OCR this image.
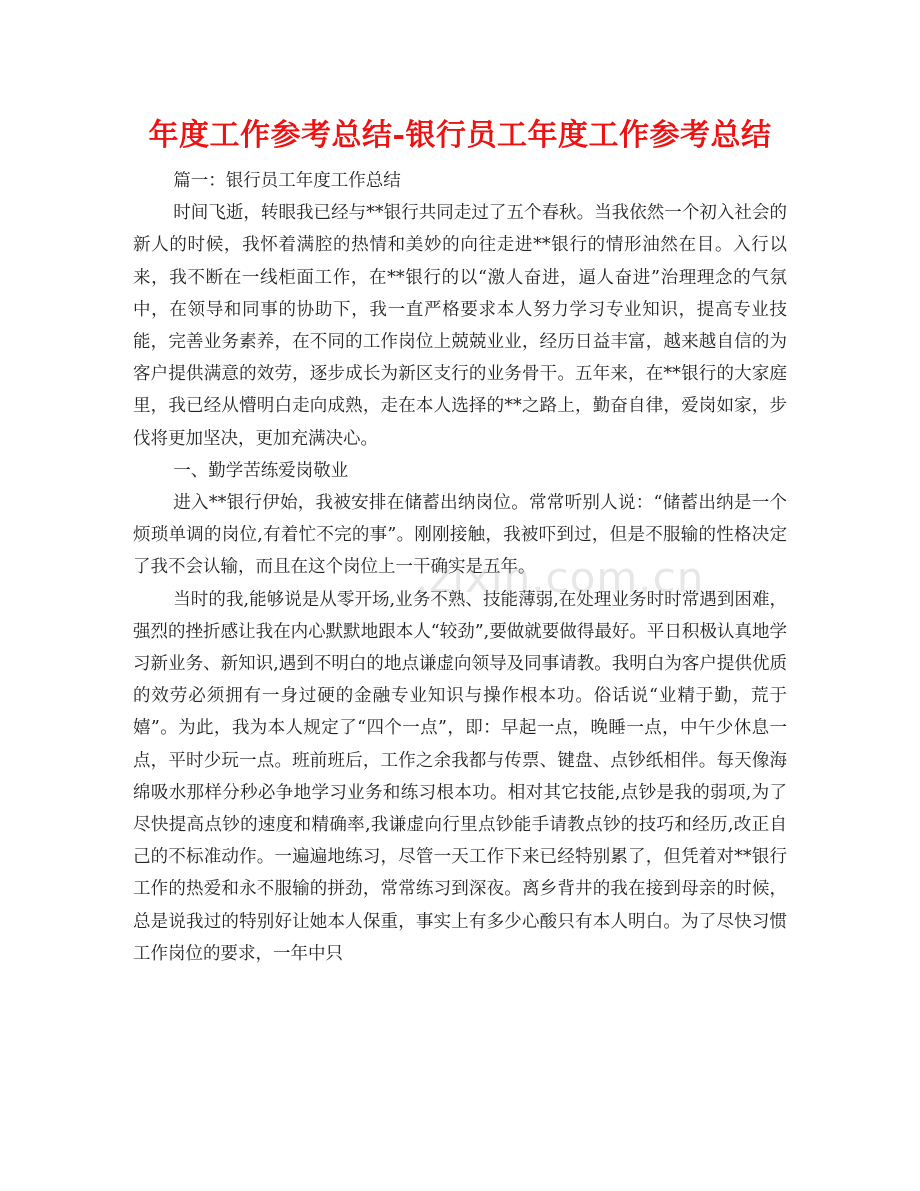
年度工作参考总结-银行员工年度工作参考总结

篇一：银行员工年度工作总结

时间飞逝，转眼我已经与**银行共同走过了五个春秋。当我依然一个初入社会的新人的时候，我怀着满腔的热情和美妙的向往走进**银行的情形油然在目。入行以来，我不断在一线柜面工作，在**银行的以“激人奋进，逼人奋进”治理理念的气氛中，在领导和同事的协助下，我一直严格要求本人努力学习专业知识，提高专业技能，完善业务素养，在不同的工作岗位上兢兢业业，经历日益丰富，越来越自信的为客户提供满意的效劳，逐步成长为新区支行的业务骨干。五年来，在**银行的大家庭里，我已经从懵明白走向成熟，走在本人选择的**之路上，勤奋自律，爱岗如家，步伐将更加坚决，更加充满决心。

一、勤学苦练爱岗敬业

进入**银行伊始，我被安排在储蓄出纳岗位。常常听别人说：“储蓄出纳是一个烦琐单调的岗位,有着忙不完的事”。刚刚接触，我被吓到过，但是不服输的性格决定了我不会认输，而且在这个岗位上一干确实是五年。

当时的我,能够说是从零开场,业务不熟、技能薄弱,在处理业务时时常遇到困难，强烈的挫折感让我在内心默默地跟本人“较劲”,要做就要做得最好。平日积极认真地学习新业务、新知识,遇到不明白的地点谦虚向领导及同事请教。我明白为客户提供优质的效劳必须拥有一身过硬的金融专业知识与操作根本功。俗话说“业精于勤，荒于嬉”。为此，我为本人规定了“四个一点”，即：早起一点，晚睡一点，中午少休息一点，平时少玩一点。班前班后，工作之余我都与传票、键盘、点钞纸相伴。每天像海绵吸水那样分秒必争地学习业务和练习根本功。相对其它技能,点钞是我的弱项,为了尽快提高点钞的速度和精确率,我谦虚向行里点钞能手请教点钞的技巧和经历,改正自己的不标准动作。一遍遍地练习，尽管一天工作下来已经特别累了，但凭着对**银行工作的热爱和永不服输的拼劲，常常练习到深夜。离乡背井的我在接到母亲的时候，总是说我过的特别好让她本人保重，事实上有多少心酸只有本人明白。为了尽快习惯工作岗位的要求，一年中只

.zixin.com.cn
